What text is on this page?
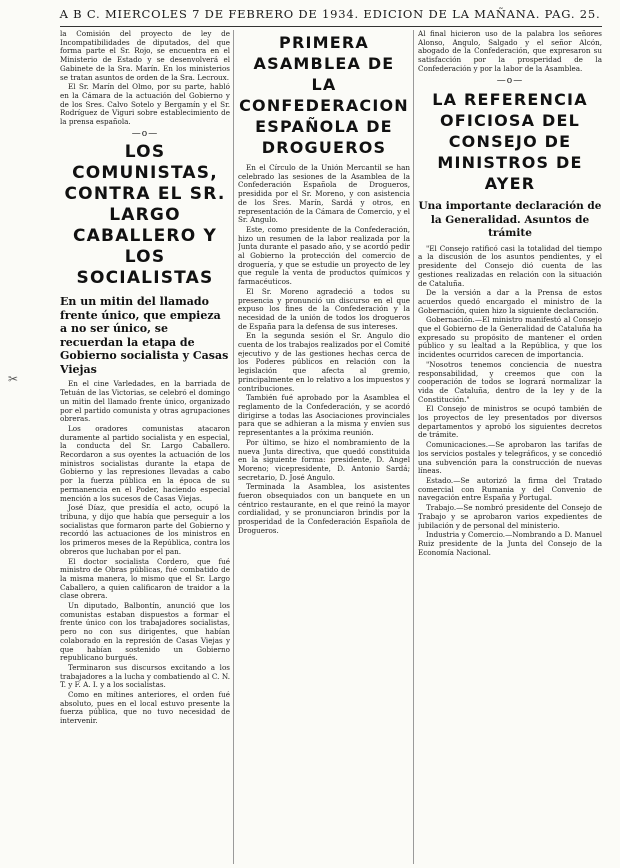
A B C. MIERCOLES 7 DE FEBRERO DE 1934. EDICION DE LA MAÑANA. PAG. 25.

la Comisión del proyecto de ley de Incompatibilidades de diputados, del que forma parte el Sr. Rojo, se encuentra en el Ministerio de Estado y se desenvolverá el Gabinete de la Sra. Marín. En los ministerios se tratan asuntos de orden de la Sra. Lecroux.

El Sr. Marín del Olmo, por su parte, habló en la Cámara de la actuación del Gobierno y de los Sres. Calvo Sotelo y Bergamín y el Sr. Rodríguez de Viguri sobre establecimiento de la prensa española.

—o—
LOS COMUNISTAS, CONTRA EL SR. LARGO CABALLERO Y LOS SOCIALISTAS
En un mitin del llamado frente único, que empieza a no ser único, se recuerdan la etapa de Gobierno socialista y Casas Viejas

En el cine Varledades, en la barriada de Tetuán de las Victorias, se celebró el domingo un mitin del llamado frente único, organizado por el partido comunista y otras agrupaciones obreras.

Los oradores comunistas atacaron duramente al partido socialista y en especial, la conducta del Sr. Largo Caballero. Recordaron a sus oyentes la actuación de los ministros socialistas durante la etapa de Gobierno y las represiones llevadas a cabo por la fuerza pública en la época de su permanencia en el Poder, haciendo especial mención a los sucesos de Casas Viejas.

José Díaz, que presidía el acto, ocupó la tribuna, y dijo que había que perseguir a los socialistas que formaron parte del Gobierno y recordó las actuaciones de los ministros en los primeros meses de la República, contra los obreros que luchaban por el pan.

El doctor socialista Cordero, que fué ministro de Obras públicas, fué combatido de la misma manera, lo mismo que el Sr. Largo Caballero, a quien calificaron de traidor a la clase obrera.

Un diputado, Balbontín, anunció que los comunistas estaban dispuestos a formar el frente único con los trabajadores socialistas, pero no con sus dirigentes, que habían colaborado en la represión de Casas Viejas y que habían sostenido un Gobierno republicano burgués.

Terminaron sus discursos excitando a los trabajadores a la lucha y combatiendo al C. N. T. y F. A. I. y a los socialistas.

Como en mítines anteriores, el orden fué absoluto, pues en el local estuvo presente la fuerza pública, que no tuvo necesidad de intervenir.

PRIMERA ASAMBLEA DE LA CONFEDERACION ESPAÑOLA DE DROGUEROS

En el Círculo de la Unión Mercantil se han celebrado las sesiones de la Asamblea de la Confederación Española de Drogueros, presidida por el Sr. Moreno, y con asistencia de los Sres. Marín, Sardá y otros, en representación de la Cámara de Comercio, y el Sr. Angulo.

Este, como presidente de la Confederación, hizo un resumen de la labor realizada por la Junta durante el pasado año, y se acordó pedir al Gobierno la protección del comercio de droguería, y que se estudie un proyecto de ley que regule la venta de productos químicos y farmacéuticos.

El Sr. Moreno agradeció a todos su presencia y pronunció un discurso en el que expuso los fines de la Confederación y la necesidad de la unión de todos los drogueros de España para la defensa de sus intereses.

En la segunda sesión el Sr. Angulo dio cuenta de los trabajos realizados por el Comité ejecutivo y de las gestiones hechas cerca de los Poderes públicos en relación con la legislación que afecta al gremio, principalmente en lo relativo a los impuestos y contribuciones.

También fué aprobado por la Asamblea el reglamento de la Confederación, y se acordó dirigirse a todas las Asociaciones provinciales para que se adhieran a la misma y envíen sus representantes a la próxima reunión.

Por último, se hizo el nombramiento de la nueva Junta directiva, que quedó constituida en la siguiente forma: presidente, D. Angel Moreno; vicepresidente, D. Antonio Sardá; secretario, D. José Angulo.

Terminada la Asamblea, los asistentes fueron obsequiados con un banquete en un céntrico restaurante, en el que reinó la mayor cordialidad, y se pronunciaron brindis por la prosperidad de la Confederación Española de Drogueros.

Al final hicieron uso de la palabra los señores Alonso, Angulo, Salgado y el señor Alcón, abogado de la Confederación, que expresaron su satisfacción por la prosperidad de la Confederación y por la labor de la Asamblea.

—o—
LA REFERENCIA OFICIOSA DEL CONSEJO DE MINISTROS DE AYER
Una importante declaración de la Generalidad. Asuntos de trámite

"El Consejo ratificó casi la totalidad del tiempo a la discusión de los asuntos pendientes, y el presidente del Consejo dió cuenta de las gestiones realizadas en relación con la situación de Cataluña.

De la versión a dar a la Prensa de estos acuerdos quedó encargado el ministro de la Gobernación, quien hizo la siguiente declaración.

Gobernación.—El ministro manifestó al Consejo que el Gobierno de la Generalidad de Cataluña ha expresado su propósito de mantener el orden público y su lealtad a la República, y que los incidentes ocurridos carecen de importancia.

"Nosotros tenemos conciencia de nuestra responsabilidad, y creemos que con la cooperación de todos se logrará normalizar la vida de Cataluña, dentro de la ley y de la Constitución."

El Consejo de ministros se ocupó también de los proyectos de ley presentados por diversos departamentos y aprobó los siguientes decretos de trámite.

Comunicaciones.—Se aprobaron las tarifas de los servicios postales y telegráficos, y se concedió una subvención para la construcción de nuevas líneas.

Estado.—Se autorizó la firma del Tratado comercial con Rumania y del Convenio de navegación entre España y Portugal.

Trabajo.—Se nombró presidente del Consejo de Trabajo y se aprobaron varios expedientes de jubilación y de personal del ministerio.

Industria y Comercio.—Nombrando a D. Manuel Ruiz presidente de la Junta del Consejo de la Economía Nacional.

✂
